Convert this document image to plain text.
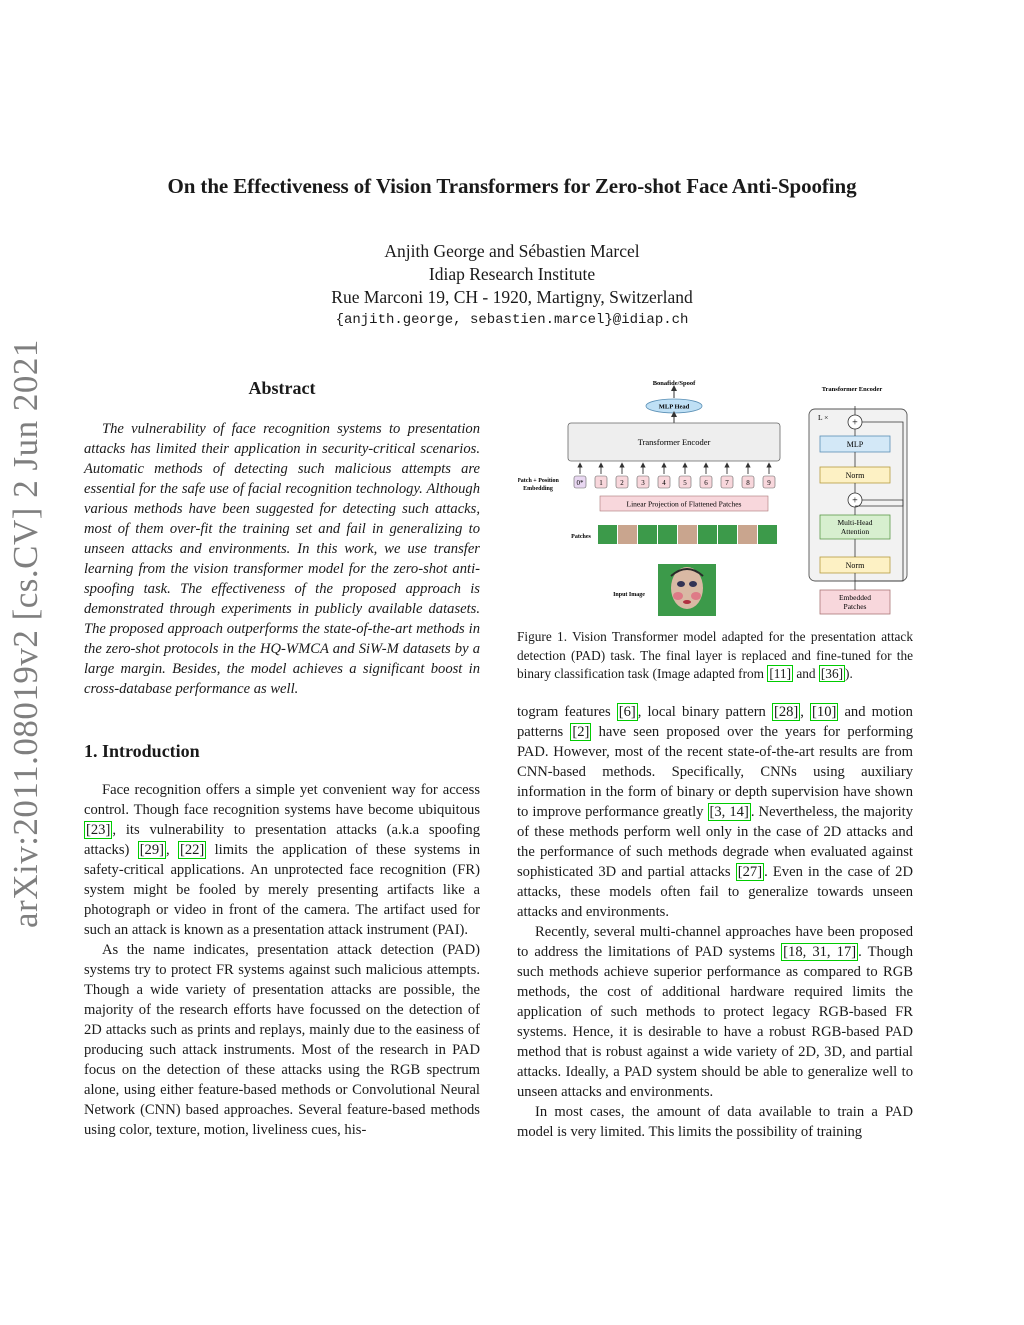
On the Effectiveness of Vision Transformers for Zero-shot Face Anti-Spoofing
Anjith George and Sébastien Marcel
Idiap Research Institute
Rue Marconi 19, CH - 1920, Martigny, Switzerland
{anjith.george, sebastien.marcel}@idiap.ch
arXiv:2011.08019v2 [cs.CV] 2 Jun 2021	Abstract

The vulnerability of face recognition systems to presentation attacks has limited their application in security-critical scenarios. Automatic methods of detecting such malicious attempts are essential for the safe use of facial recognition technology. Although various methods have been suggested for detecting such attacks, most of them over-fit the training set and fail in generalizing to unseen attacks and environments. In this work, we use transfer learning from the vision transformer model for the zero-shot anti-spoofing task. The effectiveness of the proposed approach is demonstrated through experiments in publicly available datasets. The proposed approach outperforms the state-of-the-art methods in the zero-shot protocols in the HQ-WMCA and SiW-M datasets by a large margin. Besides, the model achieves a significant boost in cross-database performance as well.

1. Introduction

Face recognition offers a simple yet convenient way for access control. Though face recognition systems have become ubiquitous [23] , its vulnerability to presentation attacks (a.k.a spoofing attacks) [29] , [22] limits the application of these systems in safety-critical applications. An unprotected face recognition (FR) system might be fooled by merely presenting artifacts like a photograph or video in front of the camera. The artifact used for such an attack is known as a presentation attack instrument (PAI).

As the name indicates, presentation attack detection (PAD) systems try to protect FR systems against such malicious attempts. Though a wide variety of presentation attacks are possible, the majority of the research efforts have focussed on the detection of 2D attacks such as prints and replays, mainly due to the easiness of producing such attack instruments. Most of the research in PAD focus on the detection of these attacks using the RGB spectrum alone, using either feature-based methods or Convolutional Neural Network (CNN) based approaches. Several feature-based methods using color, texture, motion, liveliness cues, his-

Bonafide/Spoof
MLP Head
Transformer Encoder
0* 1	2	3	4	5	6	7	8	9
Patch + Position
Embedding
Linear Projection of Flattened Patches
Patches
Input Image
Transformer Encoder
L × +
MLP
Norm
+
Multi-Head
Attention
Norm
Embedded
Patches

Figure 1. Vision Transformer model adapted for the presentation attack detection (PAD) task. The final layer is replaced and fine-tuned for the binary classification task (Image adapted from [11] and [36] ).

togram features [6] , local binary pattern [28] , [10] and motion patterns [2] have seen proposed over the years for performing PAD. However, most of the recent state-of-the-art results are from CNN-based methods. Specifically, CNNs using auxiliary information in the form of binary or depth supervision have shown to improve performance greatly [3, 14] . Nevertheless, the majority of these methods perform well only in the case of 2D attacks and the performance of such methods degrade when evaluated against sophisticated 3D and partial attacks [27] . Even in the case of 2D attacks, these models often fail to generalize towards unseen attacks and environments.

Recently, several multi-channel approaches have been proposed to address the limitations of PAD systems [18, 31, 17] . Though such methods achieve superior performance as compared to RGB methods, the cost of additional hardware required limits the application of such methods to protect legacy RGB-based FR systems. Hence, it is desirable to have a robust RGB-based PAD method that is robust against a wide variety of 2D, 3D, and partial attacks. Ideally, a PAD system should be able to generalize well to unseen attacks and environments.

In most cases, the amount of data available to train a PAD model is very limited. This limits the possibility of training
